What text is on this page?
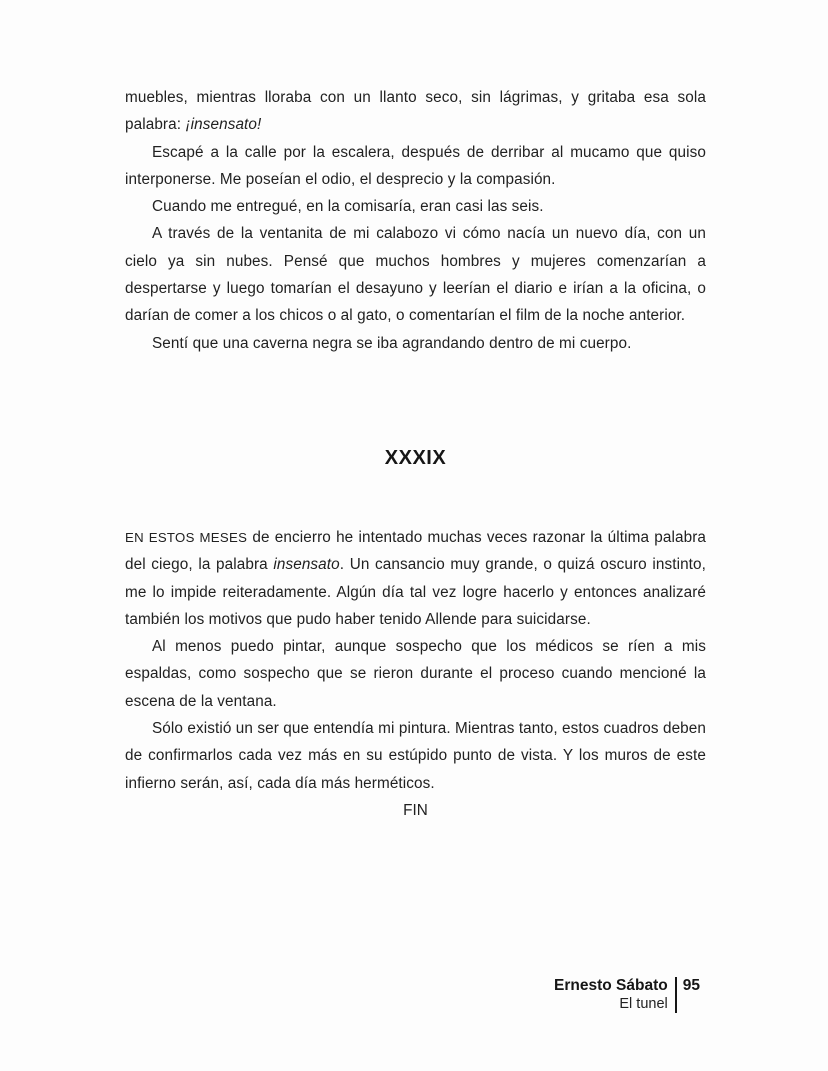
muebles, mientras lloraba con un llanto seco, sin lágrimas, y gritaba esa sola palabra: ¡insensato!

Escapé a la calle por la escalera, después de derribar al mucamo que quiso interponerse. Me poseían el odio, el desprecio y la compasión.

Cuando me entregué, en la comisaría, eran casi las seis.

A través de la ventanita de mi calabozo vi cómo nacía un nuevo día, con un cielo ya sin nubes. Pensé que muchos hombres y mujeres comenzarían a despertarse y luego tomarían el desayuno y leerían el diario e irían a la oficina, o darían de comer a los chicos o al gato, o comentarían el film de la noche anterior.

Sentí que una caverna negra se iba agrandando dentro de mi cuerpo.

XXXIX

EN ESTOS MESES de encierro he intentado muchas veces razonar la última palabra del ciego, la palabra insensato. Un cansancio muy grande, o quizá oscuro instinto, me lo impide reiteradamente. Algún día tal vez logre hacerlo y entonces analizaré también los motivos que pudo haber tenido Allende para suicidarse.

Al menos puedo pintar, aunque sospecho que los médicos se ríen a mis espaldas, como sospecho que se rieron durante el proceso cuando mencioné la escena de la ventana.

Sólo existió un ser que entendía mi pintura. Mientras tanto, estos cuadros deben de confirmarlos cada vez más en su estúpido punto de vista. Y los muros de este infierno serán, así, cada día más herméticos.

FIN

Ernesto Sábato
El tunel
95
